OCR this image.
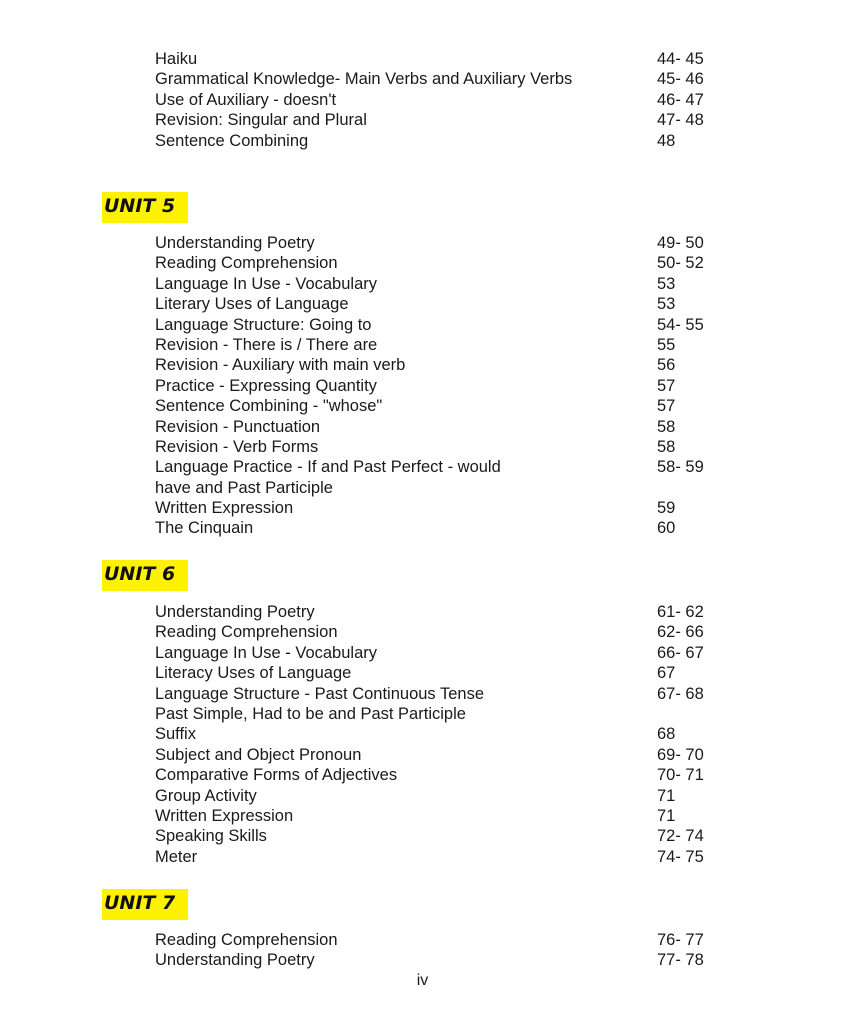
Haiku	44- 45
Grammatical Knowledge- Main Verbs and Auxiliary Verbs	45- 46
Use of Auxiliary - doesn't	46- 47
Revision: Singular and Plural	47- 48
Sentence Combining	48
UNIT 5
Understanding Poetry	49- 50
Reading Comprehension	50- 52
Language In Use - Vocabulary	53
Literary Uses of Language	53
Language Structure: Going to	54- 55
Revision - There is / There are	55
Revision - Auxiliary with main verb	56
Practice - Expressing Quantity	57
Sentence Combining - "whose"	57
Revision - Punctuation	58
Revision - Verb Forms	58
Language Practice - If and Past Perfect - would	58- 59
have and Past Participle
Written Expression	59
The Cinquain	60
UNIT 6
Understanding Poetry	61- 62
Reading Comprehension	62- 66
Language In Use - Vocabulary	66- 67
Literacy Uses of Language	67
Language Structure - Past Continuous Tense	67- 68
Past Simple, Had to be and Past Participle
Suffix	68
Subject and Object Pronoun	69- 70
Comparative Forms of Adjectives	70- 71
Group Activity	71
Written Expression	71
Speaking Skills	72- 74
Meter	74- 75
UNIT 7
Reading Comprehension	76- 77
Understanding Poetry	77- 78
iv
